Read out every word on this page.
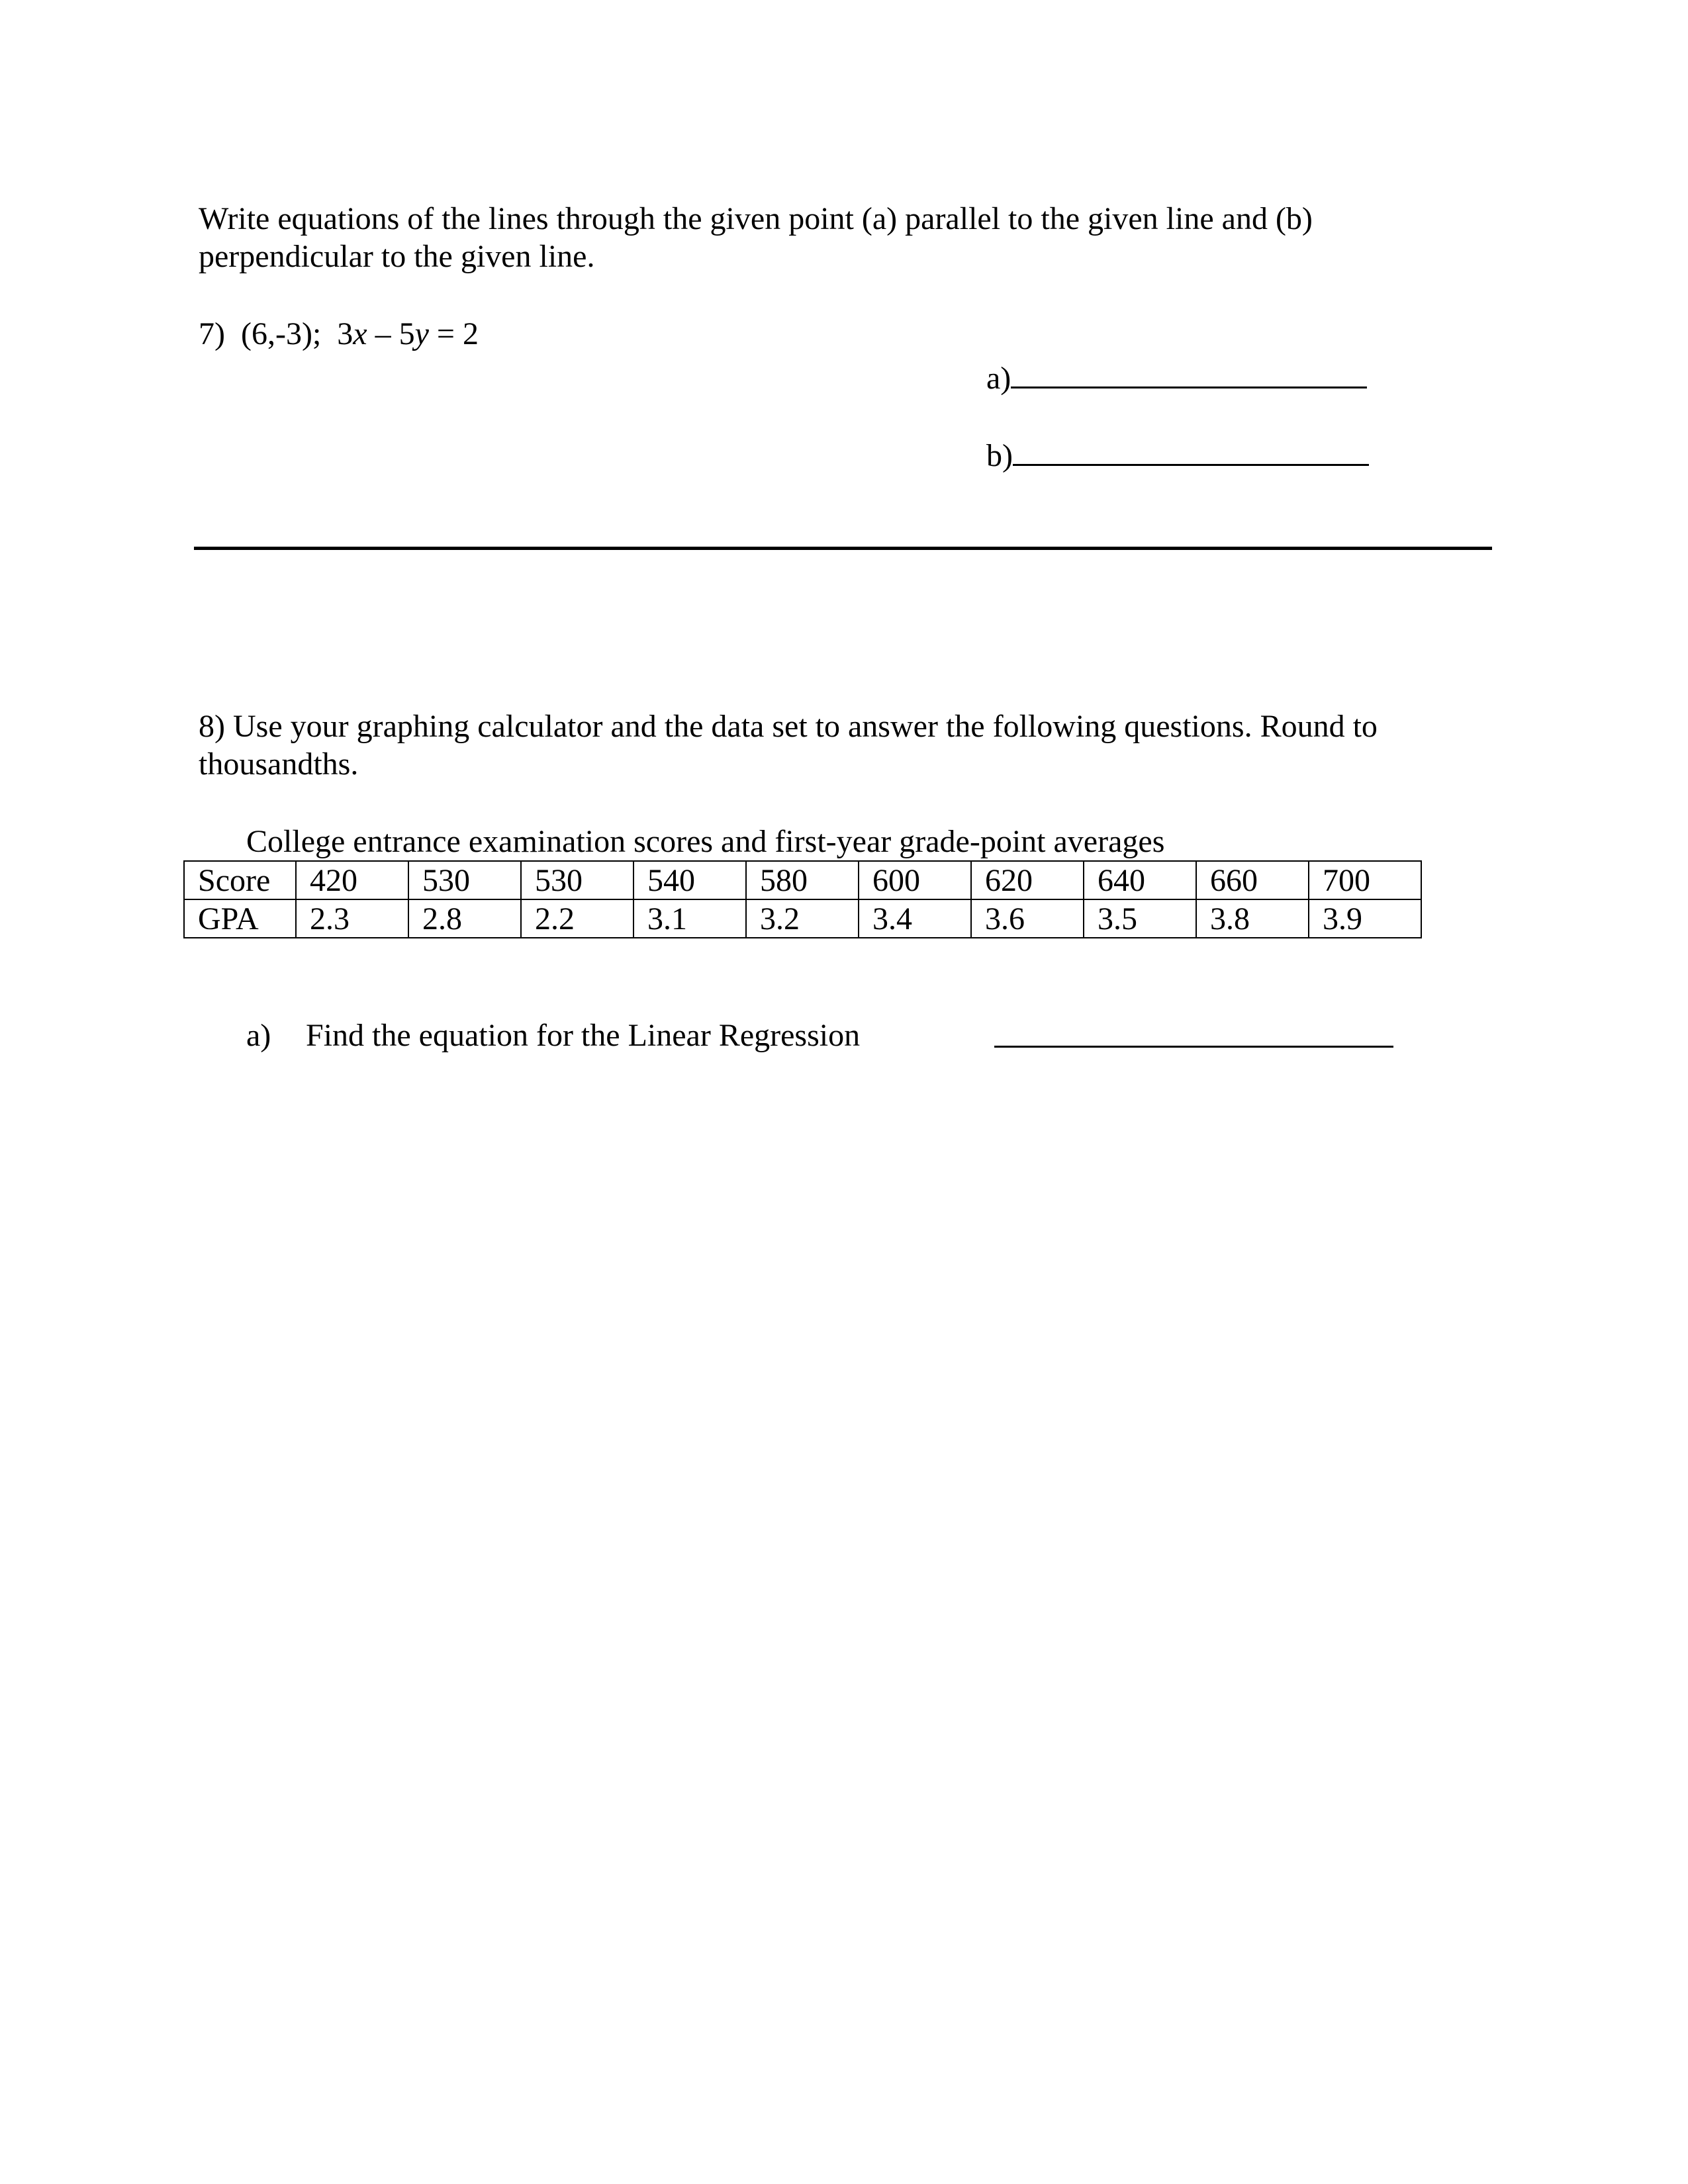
Write equations of the lines through the given point (a) parallel to the given line and (b)

perpendicular to the given line.

7) (6,-3); 3x – 5y = 2

a)

b)

8) Use your graphing calculator and the data set to answer the following questions. Round to

thousandths.

College entrance examination scores and first-year grade-point averages

Score	420	530	530	540	580	600	620	640	660	700
GPA	2.3	2.8	2.2	3.1	3.2	3.4	3.6	3.5	3.8	3.9

a) Find the equation for the Linear Regression
